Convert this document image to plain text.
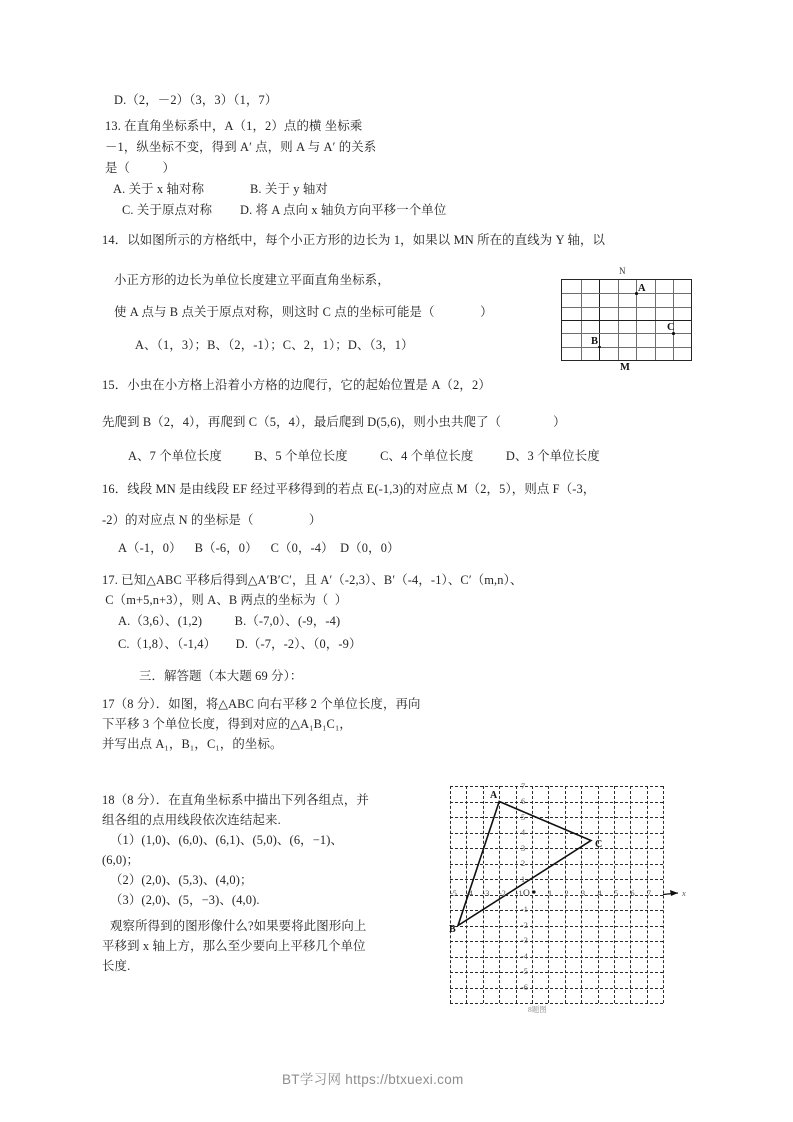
D.（2，－2）（3，3）（1，7）
13. 在直角坐标系中，A（1，2）点的横 坐标乘
－1，纵坐标不变，得到 A′ 点，则 A 与 A′ 的关系
是（          ）
A. 关于 x 轴对称	B. 关于 y 轴对
C. 关于原点对称 D. 将 A 点向 x 轴负方向平移一个单位
14．以如图所示的方格纸中，每个小正方形的边长为 1，如果以 MN 所在的直线为 Y 轴，以
小正方形的边长为单位长度建立平面直角坐标系，
使 A 点与 B 点关于原点对称，则这时 C 点的坐标可能是（              ）
A、（1，3）；B、（2，-1）；C、2，1）；D、（3，1）
N
A
B
C
M
15．小虫在小方格上沿着小方格的边爬行，它的起始位置是 A（2，2）
先爬到 B（2，4），再爬到 C（5，4），最后爬到 D(5,6)，则小虫共爬了（                ）
A、7 个单位长度          B、5 个单位长度          C、4 个单位长度          D、3 个单位长度
16．线段 MN 是由线段 EF 经过平移得到的若点 E(-1,3)的对应点 M（2，5），则点 F（-3，
-2）的对应点 N 的坐标是（                 ）
A（-1，0）    B（-6，0）    C（0，-4）  D（0，0）
17. 已知△ABC 平移后得到△A′B′C′，且 A′（-2,3）、B′（-4，-1）、C′（m,n）、
C（m+5,n+3），则 A、B 两点的坐标为（  ）
A.（3,6）、(1,2)          B.（-7,0）、(-9，-4)
C.（1,8）、（-1,4）      D.（-7，-2）、（0，-9）
三．解答题（本大题 69 分）：
17（8 分）．如图，将△ABC 向右平移 2 个单位长度，再向
下平移 3 个单位长度，得到对应的△A₁B₁C₁，
并写出点 A₁，B₁，C₁，的坐标。
18（8 分）．在直角坐标系中描出下列各组点，并
组各组的点用线段依次连结起来.
（1）(1,0)、(6,0)、(6,1)、(5,0)、(6，−1)、
(6,0)；
（2）(2,0)、(5,3)、(4,0)；
（3）(2,0)、(5，−3)、(4,0).
观察所得到的图形像什么?如果要将此图形向上
平移到 x 轴上方，那么至少要向上平移几个单位
长度.
7
6
5
4
3
2
1
-1
-2
-3
-4
-5
-6
O
-5 -4 -3 -2 -1	1 2 3 4 5 6 7	x
A
B
C
8题图
BT学习网 https://btxuexi.com
